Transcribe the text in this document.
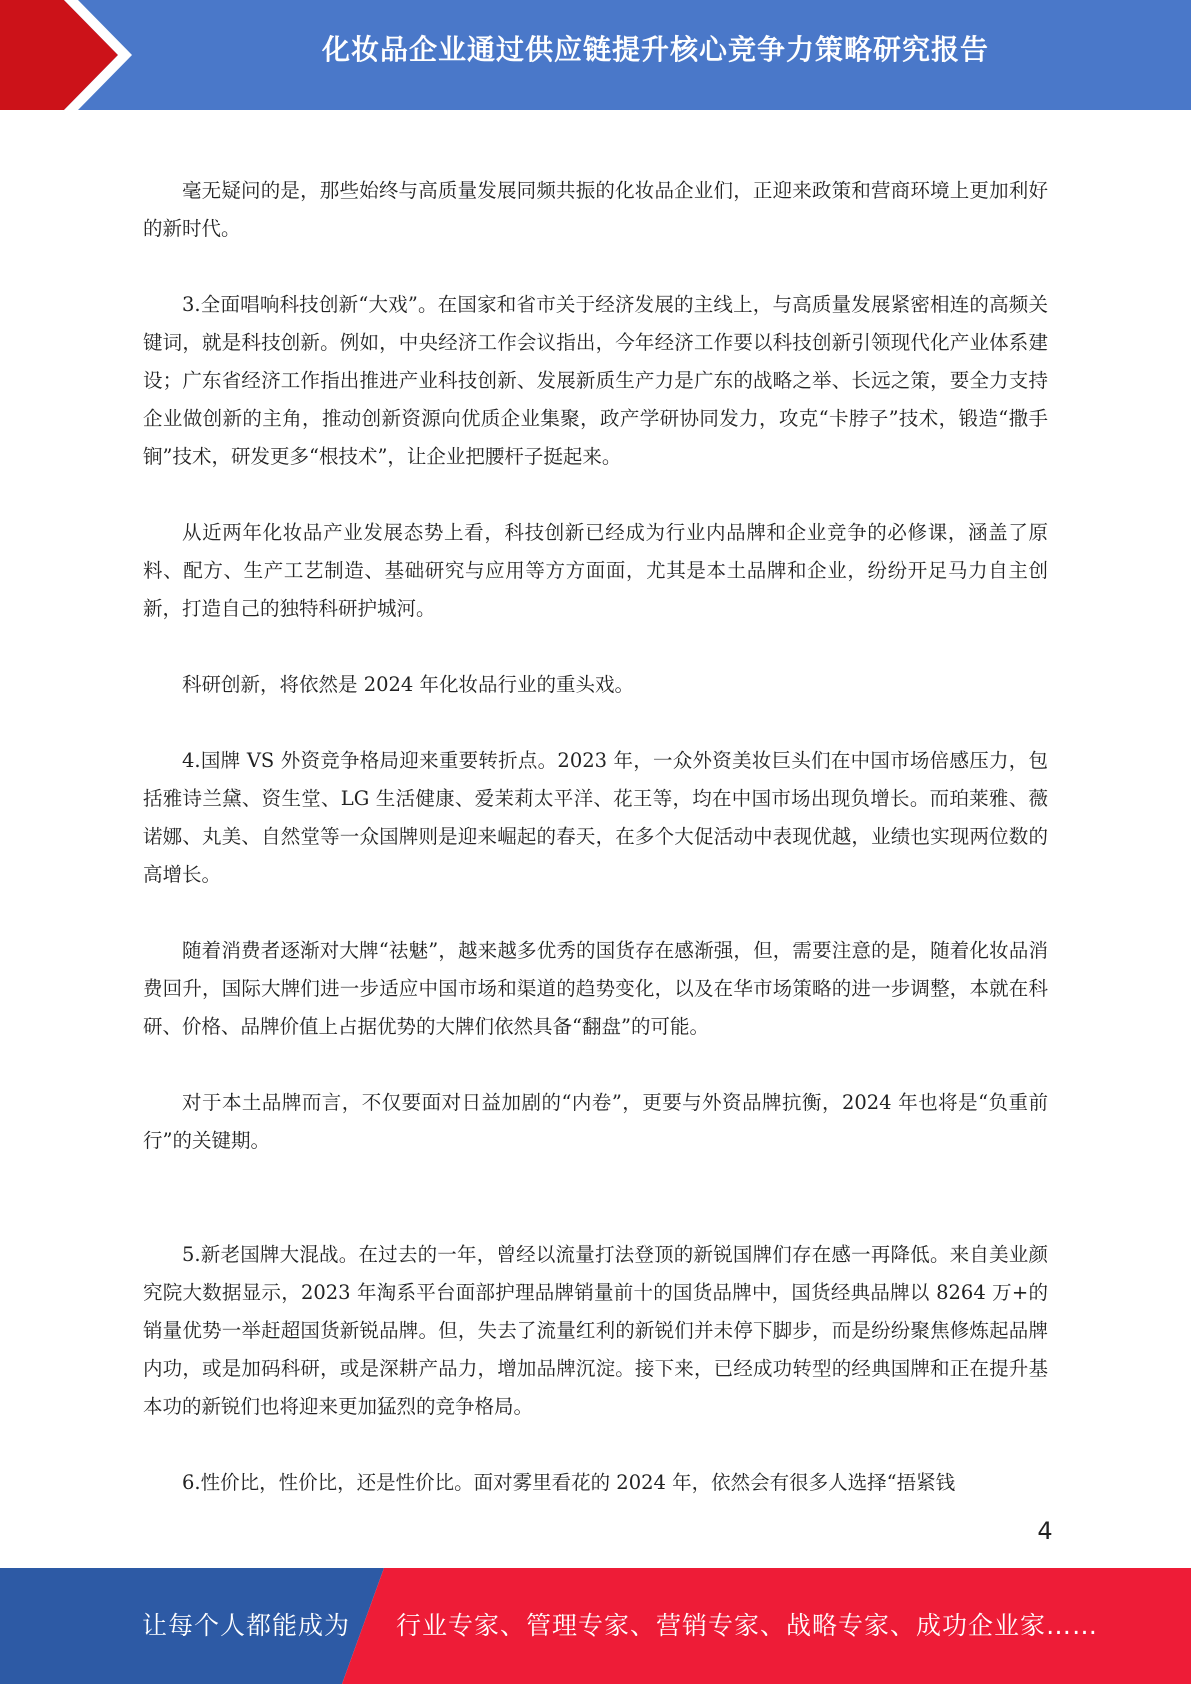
化妆品企业通过供应链提升核心竞争力策略研究报告

毫无疑问的是，那些始终与高质量发展同频共振的化妆品企业们，正迎来政策和营商环境上更加利好的新时代。

3.全面唱响科技创新“大戏”。在国家和省市关于经济发展的主线上，与高质量发展紧密相连的高频关键词，就是科技创新。例如，中央经济工作会议指出，今年经济工作要以科技创新引领现代化产业体系建设；广东省经济工作指出推进产业科技创新、发展新质生产力是广东的战略之举、长远之策，要全力支持企业做创新的主角，推动创新资源向优质企业集聚，政产学研协同发力，攻克“卡脖子”技术，锻造“撒手锏”技术，研发更多“根技术”，让企业把腰杆子挺起来。

从近两年化妆品产业发展态势上看，科技创新已经成为行业内品牌和企业竞争的必修课，涵盖了原料、配方、生产工艺制造、基础研究与应用等方方面面，尤其是本土品牌和企业，纷纷开足马力自主创新，打造自己的独特科研护城河。

科研创新，将依然是 2024 年化妆品行业的重头戏。

4.国牌 VS 外资竞争格局迎来重要转折点。2023 年，一众外资美妆巨头们在中国市场倍感压力，包括雅诗兰黛、资生堂、LG 生活健康、爱茉莉太平洋、花王等，均在中国市场出现负增长。而珀莱雅、薇诺娜、丸美、自然堂等一众国牌则是迎来崛起的春天，在多个大促活动中表现优越，业绩也实现两位数的高增长。

随着消费者逐渐对大牌“祛魅”，越来越多优秀的国货存在感渐强，但，需要注意的是，随着化妆品消费回升，国际大牌们进一步适应中国市场和渠道的趋势变化，以及在华市场策略的进一步调整，本就在科研、价格、品牌价值上占据优势的大牌们依然具备“翻盘”的可能。

对于本土品牌而言，不仅要面对日益加剧的“内卷”，更要与外资品牌抗衡，2024 年也将是“负重前行”的关键期。

5.新老国牌大混战。在过去的一年，曾经以流量打法登顶的新锐国牌们存在感一再降低。来自美业颜究院大数据显示，2023 年淘系平台面部护理品牌销量前十的国货品牌中，国货经典品牌以 8264 万+的销量优势一举赶超国货新锐品牌。但，失去了流量红利的新锐们并未停下脚步，而是纷纷聚焦修炼起品牌内功，或是加码科研，或是深耕产品力，增加品牌沉淀。接下来，已经成功转型的经典国牌和正在提升基本功的新锐们也将迎来更加猛烈的竞争格局。

6.性价比，性价比，还是性价比。面对雾里看花的 2024 年，依然会有很多人选择“捂紧钱

4
让每个人都能成为 行业专家、管理专家、营销专家、战略专家、成功企业家……
